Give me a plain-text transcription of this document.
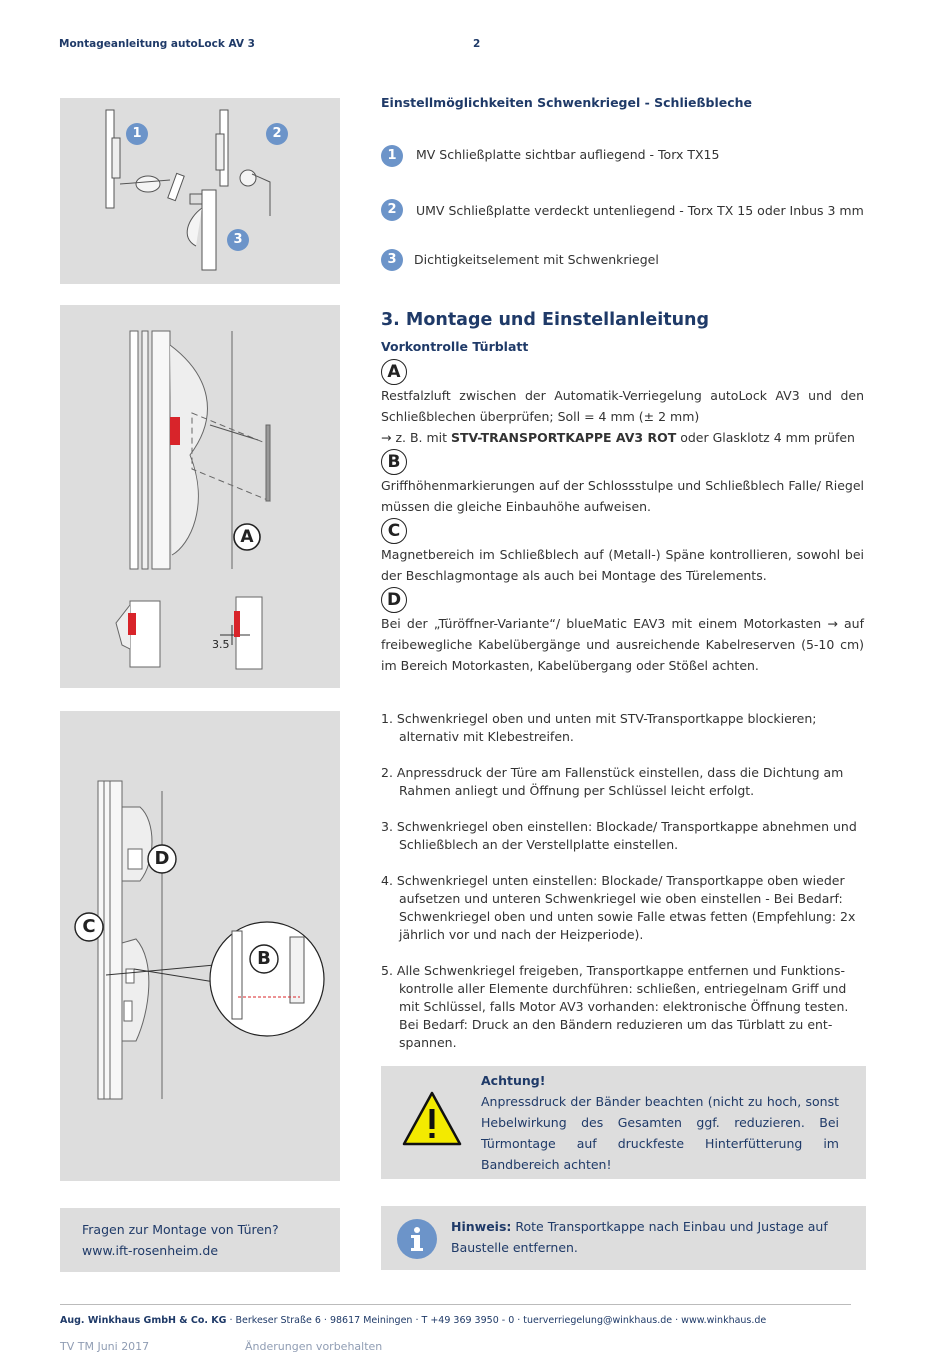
Montageanleitung autoLock AV 3	2
1	2
3
Einstellmöglichkeiten Schwenkriegel - Schließbleche
1	MV Schließplatte sichtbar aufliegend - Torx TX15
2	UMV Schließplatte verdeckt untenliegend - Torx TX 15 oder Inbus 3 mm
3	Dichtigkeitselement mit Schwenkriegel
A
3.5
3. Montage und Einstellanleitung
Vorkontrolle Türblatt
A
Restfalzluft zwischen der Automatik-Verriegelung autoLock AV3 und den Schließblechen überprüfen; Soll = 4 mm (± 2 mm)
→ z. B. mit STV-TRANSPORTKAPPE AV3 ROT oder Glasklotz 4 mm prüfen
B
Griffhöhenmarkierungen auf der Schlossstulpe und Schließblech Falle/ Riegel müssen die gleiche Einbauhöhe aufweisen.
C
Magnetbereich im Schließblech auf (Metall-) Späne kontrollieren, sowohl bei der Beschlagmontage als auch bei Montage des Türelements.
D
Bei der „Türöffner-Variante“/ blueMatic EAV3 mit einem Motorkasten → auf freibewegliche Kabelübergänge und ausreichende Kabelreserven (5-10 cm) im Bereich Motorkasten, Kabelübergang oder Stößel achten.
D
C
B
1. Schwenkriegel oben und unten mit STV-Transportkappe blockieren; alternativ mit Klebestreifen.
2. Anpressdruck der Türe am Fallenstück einstellen, dass die Dichtung am Rahmen anliegt und Öffnung per Schlüssel leicht erfolgt.
3. Schwenkriegel oben einstellen: Blockade/ Transportkappe abnehmen und Schließblech an der Verstellplatte einstellen.
4. Schwenkriegel unten einstellen: Blockade/ Transportkappe oben wieder aufsetzen und unteren Schwenkriegel wie oben einstellen - Bei Bedarf: Schwenkriegel oben und unten sowie Falle etwas fetten (Empfehlung: 2x jährlich vor und nach der Heizperiode).
5. Alle Schwenkriegel freigeben, Transportkappe entfernen und Funktions-kontrolle aller Elemente durchführen: schließen, entriegelnam Griff und mit Schlüssel, falls Motor AV3 vorhanden: elektronische Öffnung testen. Bei Bedarf: Druck an den Bändern reduzieren um das Türblatt zu ent-spannen.
Achtung!
Anpressdruck der Bänder beachten (nicht zu hoch, sonst Hebelwirkung des Gesamten ggf. reduzieren. Bei Türmontage auf druckfeste Hinterfütterung im Bandbereich achten!
Fragen zur Montage von Türen?
www.ift-rosenheim.de
Hinweis: Rote Transportkappe nach Einbau und Justage auf Baustelle entfernen.
Aug. Winkhaus GmbH & Co. KG · Berkeser Straße 6 · 98617 Meiningen · T +49 369 3950 - 0 · tuerverriegelung@winkhaus.de · www.winkhaus.de
TV TM Juni 2017	Änderungen vorbehalten
